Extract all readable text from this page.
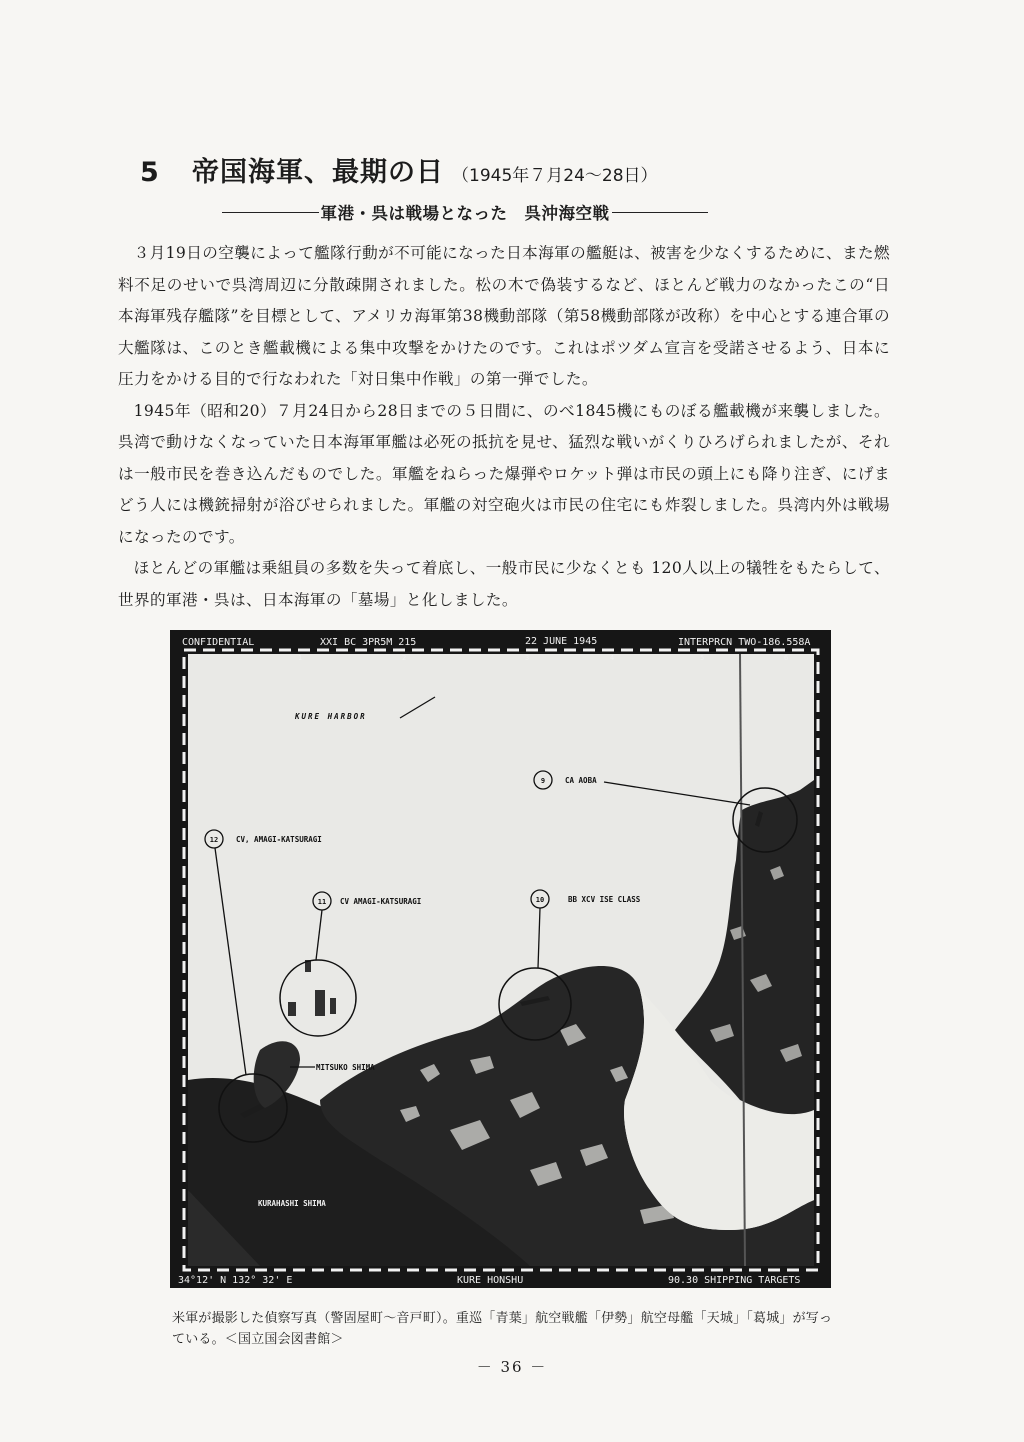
5	帝国海軍、最期の日 （1945年７月24〜28日）
軍港・呉は戦場となった　呉沖海空戦

３月19日の空襲によって艦隊行動が不可能になった日本海軍の艦艇は、被害を少なくするために、また燃料不足のせいで呉湾周辺に分散疎開されました。松の木で偽装するなど、ほとんど戦力のなかったこの“日本海軍残存艦隊”を目標として、アメリカ海軍第38機動部隊（第58機動部隊が改称）を中心とする連合軍の大艦隊は、このとき艦載機による集中攻撃をかけたのです。これはポツダム宣言を受諾させるよう、日本に圧力をかける目的で行なわれた「対日集中作戦」の第一弾でした。

1945年（昭和20）７月24日から28日までの５日間に、のべ1845機にものぼる艦載機が来襲しました。呉湾で動けなくなっていた日本海軍軍艦は必死の抵抗を見せ、猛烈な戦いがくりひろげられましたが、それは一般市民を巻き込んだものでした。軍艦をねらった爆弾やロケット弾は市民の頭上にも降り注ぎ、にげまどう人には機銃掃射が浴びせられました。軍艦の対空砲火は市民の住宅にも炸裂しました。呉湾内外は戦場になったのです。

ほとんどの軍艦は乗組員の多数を失って着底し、一般市民に少なくとも 120人以上の犠牲をもたらして、世界的軍港・呉は、日本海軍の「墓場」と化しました。

KURE HARBOR
9	CA AOBA
12 CV, AMAGI-KATSURAGI
11 CV AMAGI-KATSURAGI	10	BB XCV ISE CLASS
MITSUKO SHIMA
KURAHASHI SHIMA
CONFIDENTIAL	XXI BC 3PR5M 215	22 JUNE 1945	INTERPRCN TWO-186.558A
34°12' N 132° 32' E	KURE HONSHU	90.30 SHIPPING TARGETS
1	2	3	4	5	6
米軍が撮影した偵察写真（警固屋町〜音戸町）。重巡「青葉」航空戦艦「伊勢」航空母艦「天城」「葛城」が写っている。＜国立国会図書館＞
－ 36 －
